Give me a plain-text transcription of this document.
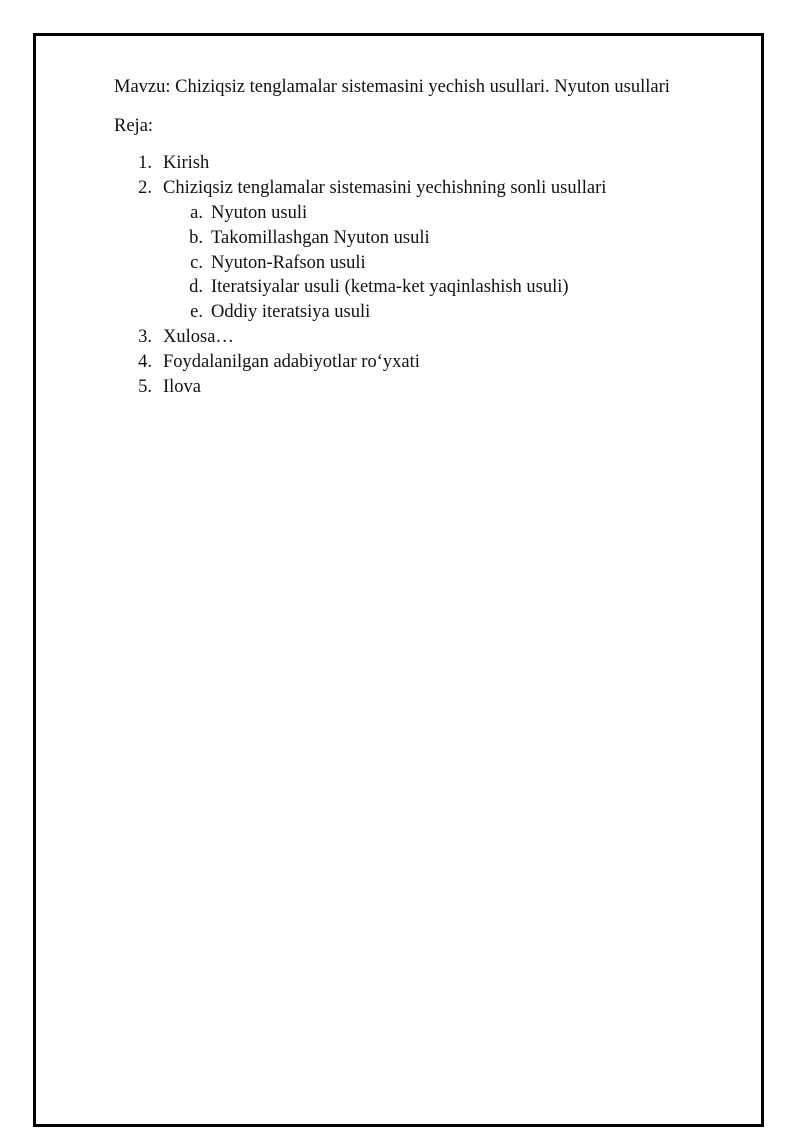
Mavzu: Chiziqsiz tenglamalar sistemasini yechish usullari. Nyuton usullari
Reja:
1. Kirish
2. Chiziqsiz tenglamalar sistemasini yechishning sonli usullari
a. Nyuton usuli
b. Takomillashgan Nyuton usuli
c. Nyuton-Rafson usuli
d. Iteratsiyalar usuli (ketma-ket yaqinlashish usuli)
e. Oddiy iteratsiya usuli
3. Xulosa…
4. Foydalanilgan adabiyotlar ro‘yxati
5. Ilova
